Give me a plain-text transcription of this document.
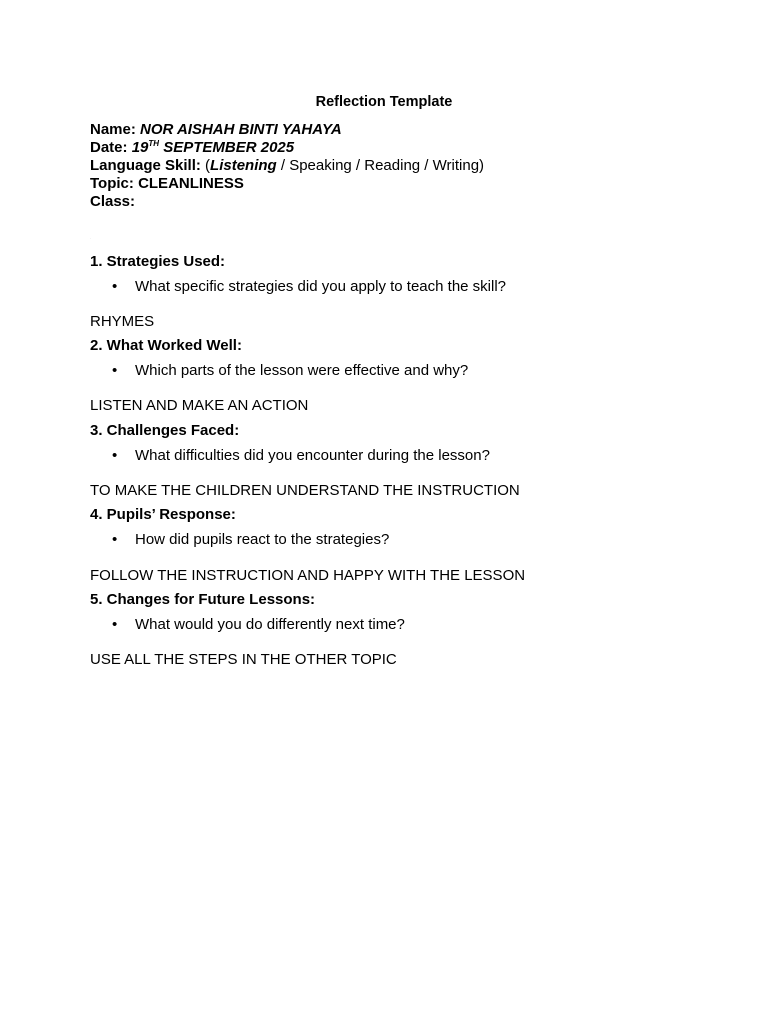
Reflection Template
Name: NOR AISHAH BINTI YAHAYA
Date: 19TH SEPTEMBER 2025
Language Skill: (Listening / Speaking / Reading / Writing)
Topic: CLEANLINESS
Class:
.
1. Strategies Used:
• What specific strategies did you apply to teach the skill?
RHYMES
2. What Worked Well:
• Which parts of the lesson were effective and why?
LISTEN AND MAKE AN ACTION
3. Challenges Faced:
• What difficulties did you encounter during the lesson?
TO MAKE THE CHILDREN UNDERSTAND THE INSTRUCTION
4. Pupils’ Response:
• How did pupils react to the strategies?
FOLLOW THE INSTRUCTION AND HAPPY WITH THE LESSON
5. Changes for Future Lessons:
• What would you do differently next time?
USE ALL THE STEPS IN THE OTHER TOPIC
